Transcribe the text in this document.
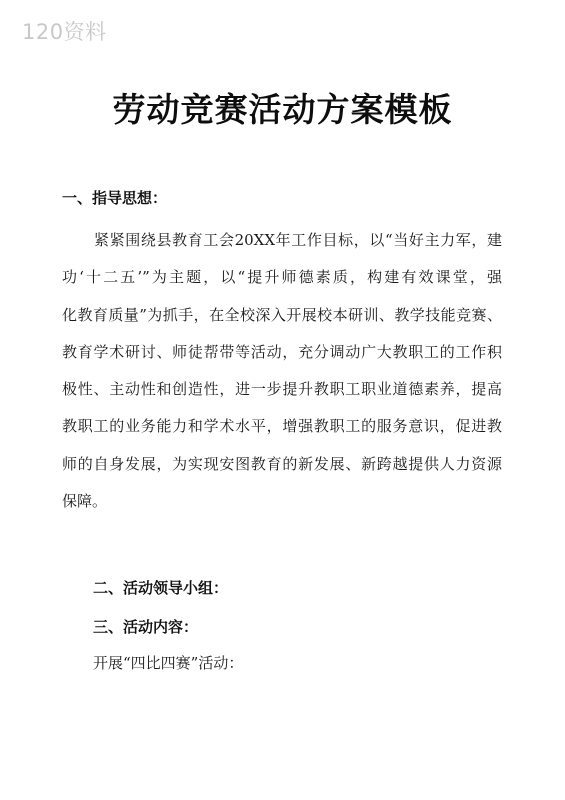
120资料
劳动竞赛活动方案模板
一、指导思想：
紧紧围绕县教育工会20XX年工作目标，以“当好主力军，建
功‘十二五’”为主题，以“提升师德素质，构建有效课堂，强
化教育质量”为抓手，在全校深入开展校本研训、教学技能竞赛、
教育学术研讨、师徒帮带等活动，充分调动广大教职工的工作积
极性、主动性和创造性，进一步提升教职工职业道德素养，提高
教职工的业务能力和学术水平，增强教职工的服务意识，促进教
师的自身发展，为实现安图教育的新发展、新跨越提供人力资源
保障。
二、活动领导小组：
三、活动内容：
开展“四比四赛”活动：
